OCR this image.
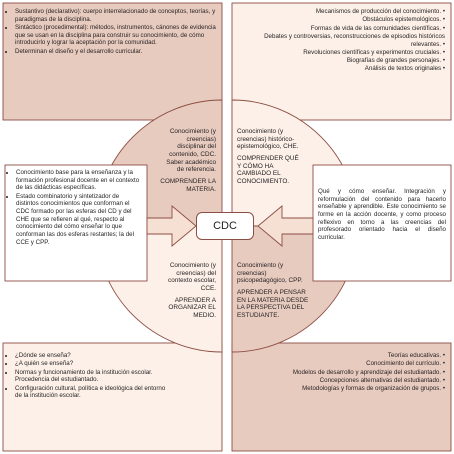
• Sustantivo (declarativo): cuerpo interrelacionado de conceptos, teorías, y paradigmas de la disciplina.
• Sintáctico (procedimental): métodos, instrumentos, cánones de evidencia que se usan en la disciplina para construir su conocimiento, de cómo introducirlo y lograr la aceptación por la comunidad.
• Determinan el diseño y el desarrollo curricular.
Mecanismos de producción del conocimiento. •
Obstáculos epistemológicos. •
Formas de vida de las comunidades científicas. •
Debates y controversias, reconstrucciones de episodios históricos relevantes. •
Revoluciones científicas y experimentos cruciales. •
Biografías de grandes personajes. •
Análisis de textos originales •
• ¿Dónde se enseña?
• ¿A quién se enseña?
• Normas y funcionamiento de la institución escolar. Procedencia del estudiantado.
• Configuración cultural, política e ideológica del entorno de la institución escolar.
Teorías educativas. •
Conocimiento del currículo. •
Modelos de desarrollo y aprendizaje del estudiantado. •
Concepciones alternativas del estudiantado. •
Metodologías y formas de organización de grupos. •
• Conocimiento base para la enseñanza y la formación profesional docente en el contexto de las didácticas específicas.
• Estado combinatorio y sintetizador de distintos conocimientos que conforman el CDC formado por las esferas del CD y del CHE que se refieren al qué, respecto al conocimiento del cómo enseñar lo que conforman las dos esferas restantes; la del CCE y CPP.

Qué y cómo enseñar. Integración y reformulación del contenido para hacerlo enseñable y aprendible. Este conocimiento se forme en la acción docente, y como proceso reflexivo en torno a las creencias del profesorado orientado hacia el diseño curricular.

Conocimiento (y creencias) disciplinar del contenido, CDC. Saber académico de referencia.

COMPRENDER LA MATERIA.

Conocimiento (y creencias) histórico-epistemológico, CHE.

COMPRENDER QUÉ Y CÓMO HA CAMBIADO EL CONOCIMIENTO.

Conocimiento (y creencias) del contexto escolar, CCE.

APRENDER A ORGANIZAR EL MEDIO.

Conocimiento (y creencias) psicopedagógico, CPP.

APRENDER A PENSAR EN LA MATERIA DESDE LA PERSPECTIVA DEL ESTUDIANTE.

CDC
